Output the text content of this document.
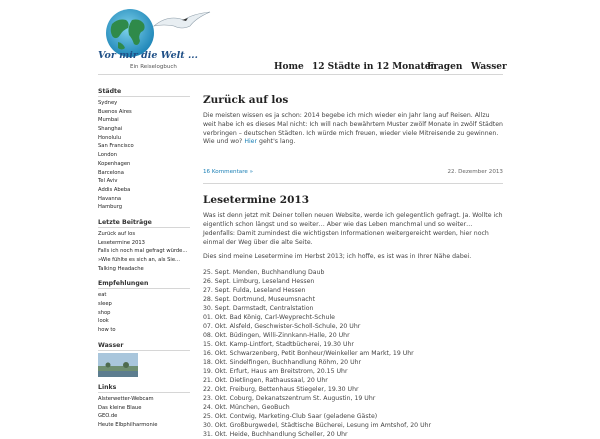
Vor mir die Welt ...
Ein Reiselogbuch	Home 12 Städte in 12 Monaten
Fragen Wasser
Städte
Sydney
Buenos Aires
Mumbai
Shanghai
Honolulu
San Francisco
London
Kopenhagen
Barcelona
Tel Aviv
Addis Abeba
Havanna
Hamburg
Letzte Beiträge
Zurück auf los
Lesetermine 2013
Falls ich noch mal gefragt würde...
»Wie fühlte es sich an, als Sie...
Talking Headache
Empfehlungen
eat
sleep
shop
look
how to
Wasser
Links
Alsterwetter-Webcam
Das kleine Blaue
GEO.de
Heute Elbphilharmonie
Zurück auf los

Die meisten wissen es ja schon: 2014 begebe ich mich wieder ein Jahr lang auf Reisen. Allzu weit habe ich es dieses Mal nicht: Ich will nach bewährtem Muster zwölf Monate in zwölf Städten verbringen – deutschen Städten. Ich würde mich freuen, wieder viele Mitreisende zu gewinnen. Wie und wo? Hier geht's lang.

16 Kommentare »	22. Dezember 2013
Lesetermine 2013

Was ist denn jetzt mit Deiner tollen neuen Website, werde ich gelegentlich gefragt. Ja. Wollte ich eigentlich schon längst und so weiter… Aber wie das Leben manchmal und so weiter… Jedenfalls: Damit zumindest die wichtigsten Informationen weitergereicht werden, hier noch einmal der Weg über die alte Seite.

Dies sind meine Lesetermine im Herbst 2013; ich hoffe, es ist was in Ihrer Nähe dabei.

25. Sept. Menden, Buchhandlung Daub
26. Sept. Limburg, Leseland Hessen
27. Sept. Fulda, Leseland Hessen
28. Sept. Dortmund, Museumsnacht
30. Sept. Darmstadt, Centralstation
01. Okt. Bad König, Carl-Weyprecht-Schule
07. Okt. Alsfeld, Geschwister-Scholl-Schule, 20 Uhr
08. Okt. Büdingen, Willi-Zinnkann-Halle, 20 Uhr
15. Okt. Kamp-Lintfort, Stadtbücherei, 19.30 Uhr
16. Okt. Schwarzenberg, Petit Bonheur/Weinkeller am Markt, 19 Uhr
18. Okt. Sindelfingen, Buchhandlung Röhm, 20 Uhr
19. Okt. Erfurt, Haus am Breitstrom, 20.15 Uhr
21. Okt. Dietlingen, Rathaussaal, 20 Uhr
22. Okt. Freiburg, Bettenhaus Stiegeler, 19.30 Uhr
23. Okt. Coburg, Dekanatszentrum St. Augustin, 19 Uhr
24. Okt. München, GeoBuch
25. Okt. Contwig, Marketing-Club Saar (geladene Gäste)
30. Okt. Großburgwedel, Städtische Bücherei, Lesung im Amtshof, 20 Uhr
31. Okt. Heide, Buchhandlung Scheller, 20 Uhr
